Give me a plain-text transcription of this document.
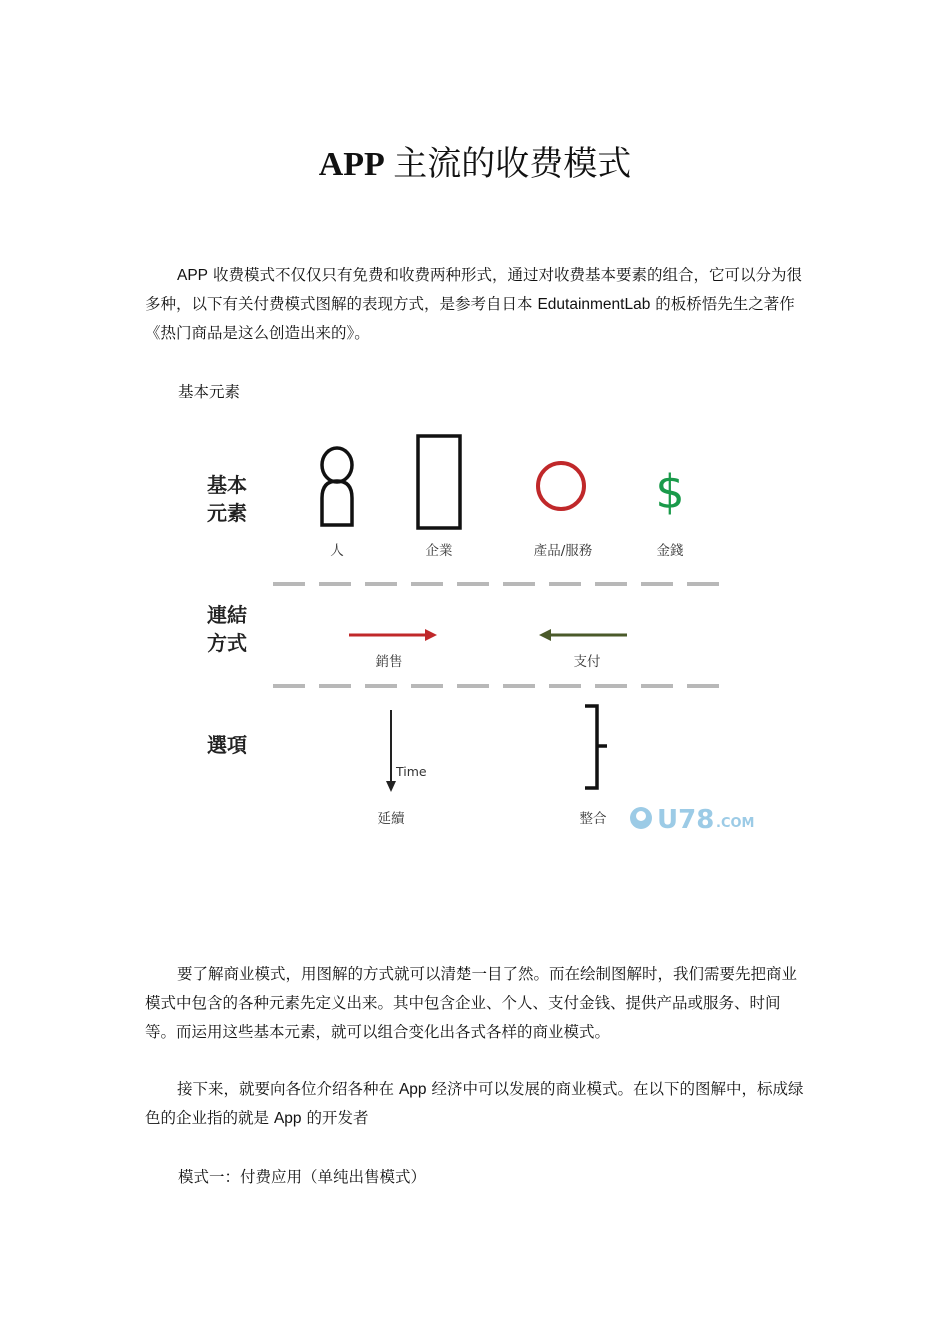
APP 主流的收费模式

APP 收费模式不仅仅只有免费和收费两种形式，通过对收费基本要素的组合，它可以分为很多种，以下有关付费模式图解的表现方式，是参考自日本 EdutainmentLab 的板桥悟先生之著作《热门商品是这么创造出来的》。

基本元素

基本
元素
連結
方式
選項
$
人	企業	產品/服務	金錢
銷售	支付
延續	整合
Time
U78 .COM

要了解商业模式，用图解的方式就可以清楚一目了然。而在绘制图解时，我们需要先把商业模式中包含的各种元素先定义出来。其中包含企业、个人、支付金钱、提供产品或服务、时间等。而运用这些基本元素，就可以组合变化出各式各样的商业模式。

接下来，就要向各位介绍各种在 App 经济中可以发展的商业模式。在以下的图解中，标成绿色的企业指的就是 App 的开发者

模式一：付费应用（单纯出售模式）
